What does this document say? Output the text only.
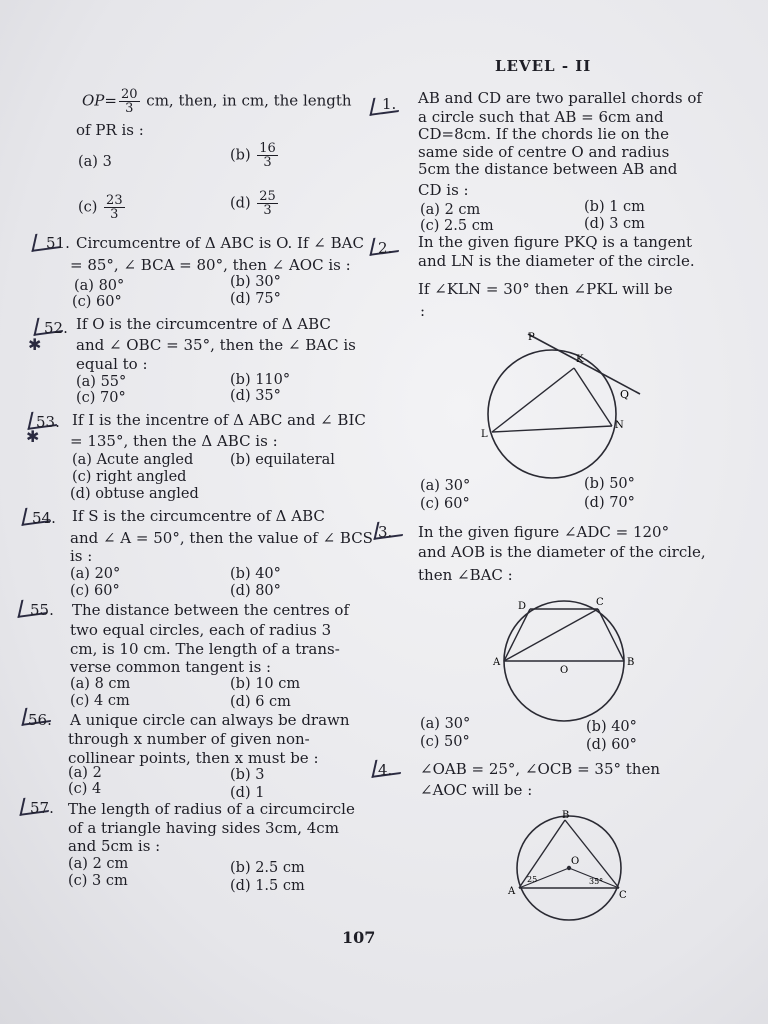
LEVEL - II
$OP= \frac{20}{3}$ cm, then, in cm, the length
of PR is :
(a) 3	$(b) \frac{16}{3}$
$(c) \frac{23}{3}$	$(d) \frac{25}{3}$
51. Circumcentre of Δ ABC is O. If ∠ BAC
= 85°, ∠ BCA = 80°, then ∠ AOC is :
(a) 80°	(b) 30°
(c) 60°	(d) 75°
52.
✱
If O is the circumcentre of Δ ABC
and ∠ OBC = 35°, then the ∠ BAC is
equal to :
(a) 55°	(b) 110°
(c) 70°	(d) 35°
53.
✱
If I is the incentre of Δ ABC and ∠ BIC
= 135°, then the Δ ABC is :
(a) Acute angled	(b) equilateral
(c) right angled
(d) obtuse angled
54. If S is the circumcentre of Δ ABC
and ∠ A = 50°, then the value of ∠ BCS
is :
(a) 20°	(b) 40°
(c) 60°	(d) 80°
55. The distance between the centres of
two equal circles, each of radius 3
cm, is 10 cm. The length of a trans-
verse common tangent is :
(a) 8 cm	(b) 10 cm
(c) 4 cm	(d) 6 cm
56. A unique circle can always be drawn
through x number of given non-
collinear points, then x must be :
(a) 2	(b) 3
(c) 4	(d) 1
57. The length of radius of a circumcircle
of a triangle having sides 3cm, 4cm
and 5cm is :
(a) 2 cm	(b) 2.5 cm
(c) 3 cm	(d) 1.5 cm
1. AB and CD are two parallel chords of
a circle such that AB = 6cm and
CD=8cm. If the chords lie on the
same side of centre O and radius
5cm the distance between AB and
CD is :
(a) 2 cm	(b) 1 cm
(c) 2.5 cm	(d) 3 cm
2. In the given figure PKQ is a tangent
and LN is the diameter of the circle.
If ∠KLN = 30° then ∠PKL will be
:
P
K
Q
L
N
(a) 30°	(b) 50°
(c) 60°	(d) 70°
3. In the given figure ∠ADC = 120°
and AOB is the diameter of the circle,
then ∠BAC :
D	C
A
O
B
(a) 30°	(b) 40°
(c) 50°	(d) 60°
4. ∠OAB = 25°, ∠OCB = 35° then
∠AOC will be :
B
O
A	C
25	35°
107
